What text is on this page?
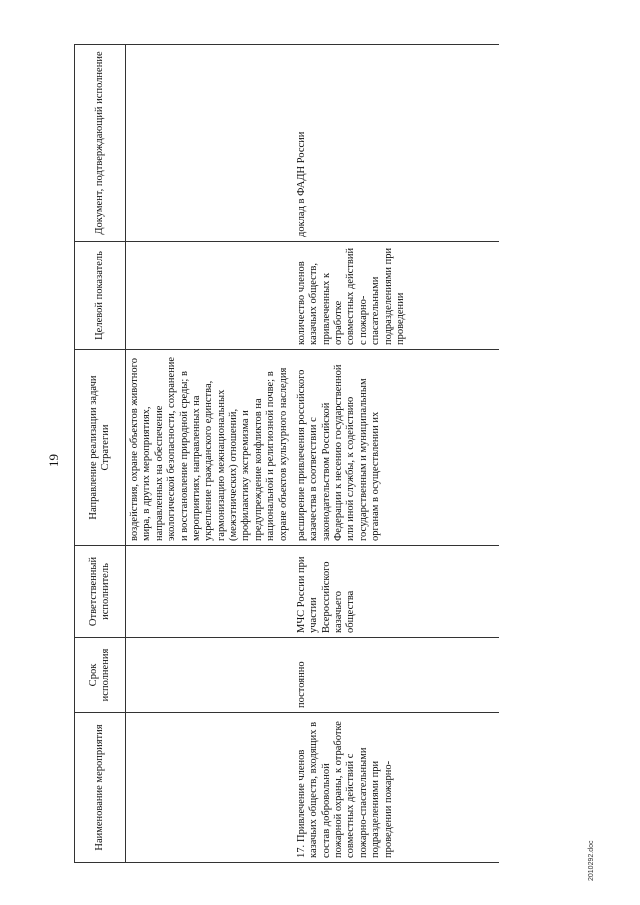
19
Наименование мероприятия	Срок исполнения	Ответственный исполнитель	Направление реализации задачи Стратегии	Целевой показатель	Документ, подтверждающий исполнение
			воздействия, охране объектов животного мира, в других мероприятиях, направленных на обеспечение экологической безопасности, сохранение и восстановление природной среды; в мероприятиях, направленных на укрепление гражданского единства, гармонизацию межнациональных (межэтнических) отношений, профилактику экстремизма и предупреждение конфликтов на национальной и религиозной почве; в охране объектов культурного наследия		
17.Привлечение членов казачьих обществ, входящих в состав добровольной пожарной охраны, к отработке совместных действий с пожарно-спасательными подразделениями при проведении пожарно-	постоянно	МЧС России при участии Всероссийского казачьего общества	расширение привлечения российского казачества в соответствии с законодательством Российской Федерации к несению государственной или иной службы, к содействию государственным и муниципальным органам в осуществлении их	количество членов казачьих обществ, привлеченных к отработке совместных действий с пожарно-спасательными подразделениями при проведении	доклад в ФАДН России
2010292.doc
